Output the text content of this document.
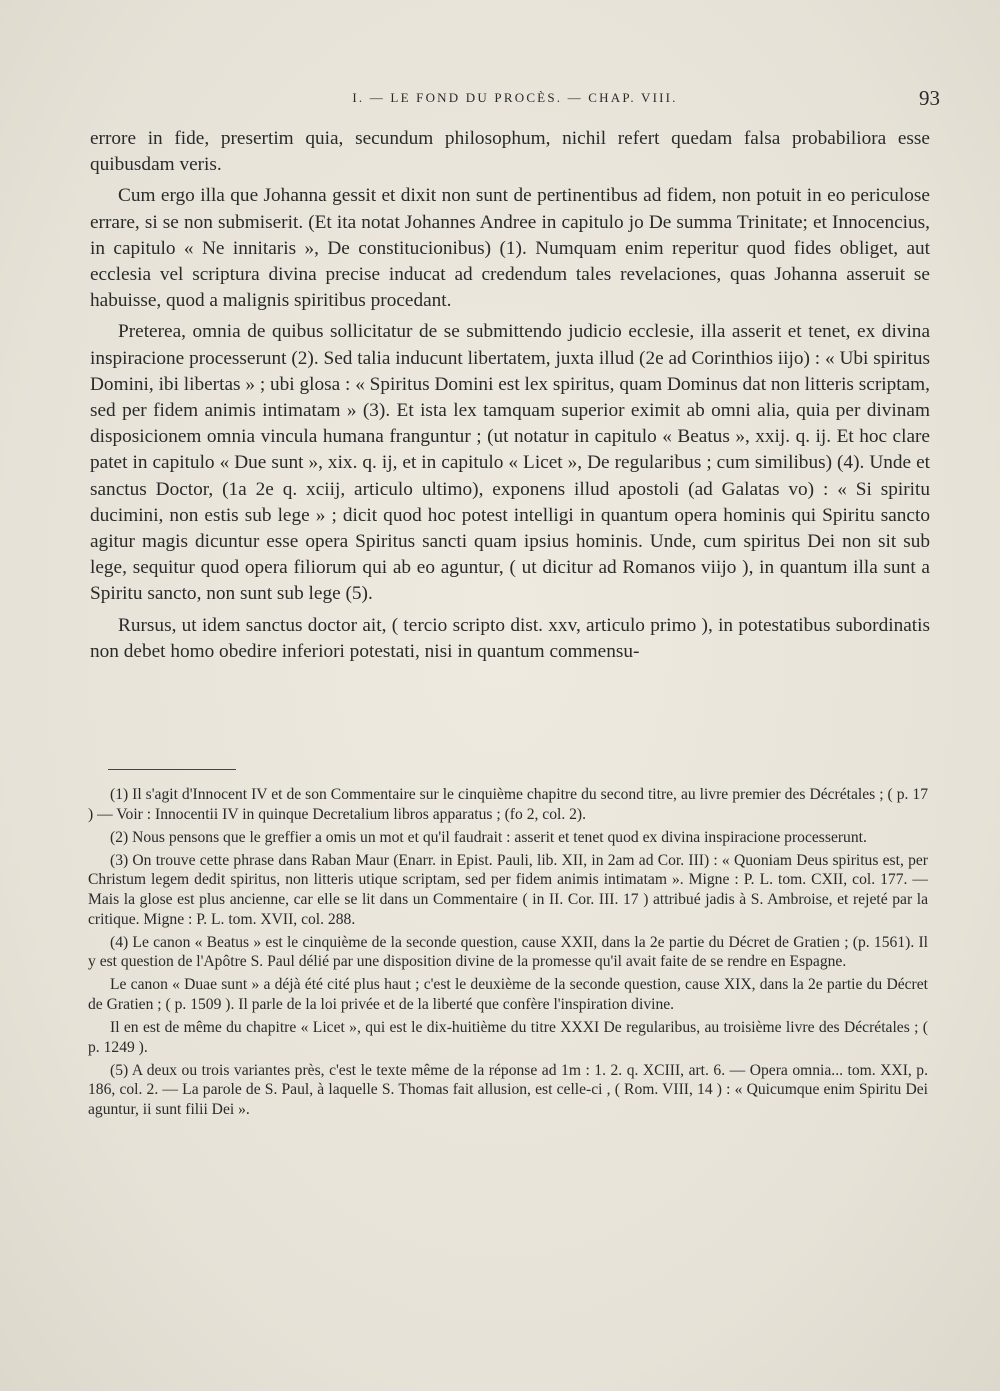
I. — LE FOND DU PROCÈS. — CHAP. VIII.	93

errore in fide, presertim quia, secundum philosophum, nichil refert quedam falsa probabiliora esse quibusdam veris.

Cum ergo illa que Johanna gessit et dixit non sunt de pertinentibus ad fidem, non potuit in eo periculose errare, si se non submiserit. (Et ita notat Johannes Andree in capitulo jo De summa Trinitate; et Innocencius, in capitulo « Ne innitaris », De constitucionibus) (1). Numquam enim reperitur quod fides obliget, aut ecclesia vel scriptura divina precise inducat ad credendum tales revelaciones, quas Johanna asseruit se habuisse, quod a malignis spiritibus procedant.

Preterea, omnia de quibus sollicitatur de se submittendo judicio ecclesie, illa asserit et tenet, ex divina inspiracione processerunt (2). Sed talia inducunt libertatem, juxta illud (2e ad Corinthios iijo) : « Ubi spiritus Domini, ibi libertas » ; ubi glosa : « Spiritus Domini est lex spiritus, quam Dominus dat non litteris scriptam, sed per fidem animis intimatam » (3). Et ista lex tamquam superior eximit ab omni alia, quia per divinam disposicionem omnia vincula humana franguntur ; (ut notatur in capitulo « Beatus », xxij. q. ij. Et hoc clare patet in capitulo « Due sunt », xix. q. ij, et in capitulo « Licet », De regularibus ; cum similibus) (4). Unde et sanctus Doctor, (1a 2e q. xciij, articulo ultimo), exponens illud apostoli (ad Galatas vo) : « Si spiritu ducimini, non estis sub lege » ; dicit quod hoc potest intelligi in quantum opera hominis qui Spiritu sancto agitur magis dicuntur esse opera Spiritus sancti quam ipsius hominis. Unde, cum spiritus Dei non sit sub lege, sequitur quod opera filiorum qui ab eo aguntur, ( ut dicitur ad Romanos viijo ), in quantum illa sunt a Spiritu sancto, non sunt sub lege (5).

Rursus, ut idem sanctus doctor ait, ( tercio scripto dist. xxv, articulo primo ), in potestatibus subordinatis non debet homo obedire inferiori potestati, nisi in quantum commensu-

(1) Il s'agit d'Innocent IV et de son Commentaire sur le cinquième chapitre du second titre, au livre premier des Décrétales ; ( p. 17 ) — Voir : Innocentii IV in quinque Decretalium libros apparatus ; (fo 2, col. 2).

(2) Nous pensons que le greffier a omis un mot et qu'il faudrait : asserit et tenet quod ex divina inspiracione processerunt.

(3) On trouve cette phrase dans Raban Maur (Enarr. in Epist. Pauli, lib. XII, in 2am ad Cor. III) : « Quoniam Deus spiritus est, per Christum legem dedit spiritus, non litteris utique scriptam, sed per fidem animis intimatam ». Migne : P. L. tom. CXII, col. 177. — Mais la glose est plus ancienne, car elle se lit dans un Commentaire ( in II. Cor. III. 17 ) attribué jadis à S. Ambroise, et rejeté par la critique. Migne : P. L. tom. XVII, col. 288.

(4) Le canon « Beatus » est le cinquième de la seconde question, cause XXII, dans la 2e partie du Décret de Gratien ; (p. 1561). Il y est question de l'Apôtre S. Paul délié par une disposition divine de la promesse qu'il avait faite de se rendre en Espagne.

Le canon « Duae sunt » a déjà été cité plus haut ; c'est le deuxième de la seconde question, cause XIX, dans la 2e partie du Décret de Gratien ; ( p. 1509 ). Il parle de la loi privée et de la liberté que confère l'inspiration divine.

Il en est de même du chapitre « Licet », qui est le dix-huitième du titre XXXI De regularibus, au troisième livre des Décrétales ; ( p. 1249 ).

(5) A deux ou trois variantes près, c'est le texte même de la réponse ad 1m : 1. 2. q. XCIII, art. 6. — Opera omnia... tom. XXI, p. 186, col. 2. — La parole de S. Paul, à laquelle S. Thomas fait allusion, est celle-ci , ( Rom. VIII, 14 ) : « Quicumque enim Spiritu Dei aguntur, ii sunt filii Dei ».
